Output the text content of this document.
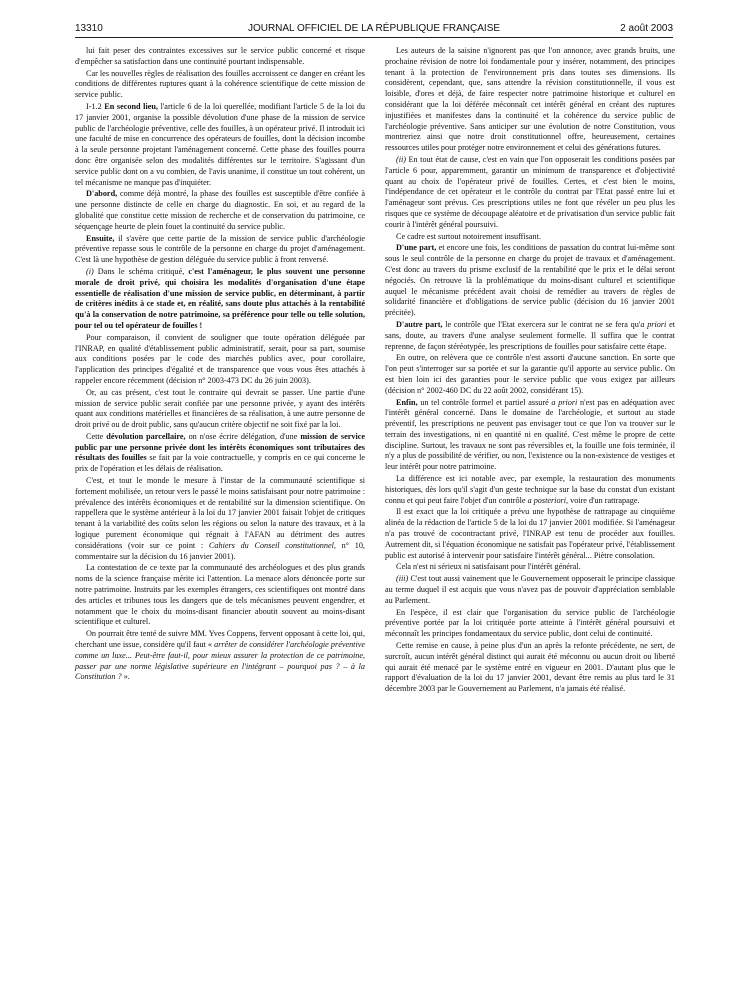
13310	JOURNAL OFFICIEL DE LA RÉPUBLIQUE FRANÇAISE	2 août 2003

lui fait peser des contraintes excessives sur le service public concerné et risque d'empêcher sa satisfaction dans une continuité pourtant indispensable.

Car les nouvelles règles de réalisation des fouilles accroissent ce danger en créant les conditions de différentes ruptures quant à la cohérence scientifique de cette mission de service public.

I-1.2 En second lieu, l'article 6 de la loi querellée, modifiant l'article 5 de la loi du 17 janvier 2001, organise la possible dévolution d'une phase de la mission de service public de l'archéologie préventive, celle des fouilles, à un opérateur privé. Il introduit ici une faculté de mise en concurrence des opérateurs de fouilles, dont la décision incombe à la seule personne projetant l'aménagement concerné. Cette phase des fouilles pourra donc être organisée selon des modalités différentes sur le territoire. S'agissant d'un service public dont on a vu combien, de l'avis unanime, il constitue un tout cohérent, un tel mécanisme ne manque pas d'inquiéter.

D'abord, comme déjà montré, la phase des fouilles est susceptible d'être confiée à une personne distincte de celle en charge du diagnostic. En soi, et au regard de la globalité que constitue cette mission de recherche et de conservation du patrimoine, ce séquençage heurte de plein fouet la continuité du service public.

Ensuite, il s'avère que cette partie de la mission de service public d'archéologie préventive repasse sous le contrôle de la personne en charge du projet d'aménagement. C'est là une hypothèse de gestion déléguée du service public à front renversé.

(i) Dans le schéma critiqué, c'est l'aménageur, le plus souvent une personne morale de droit privé, qui choisira les modalités d'organisation d'une étape essentielle de réalisation d'une mission de service public, en déterminant, à partir de critères inédits à ce stade et, en réalité, sans doute plus attachés à la rentabilité qu'à la conservation de notre patrimoine, sa préférence pour telle ou telle solution, pour tel ou tel opérateur de fouilles !

Pour comparaison, il convient de souligner que toute opération déléguée par l'INRAP, en qualité d'établissement public administratif, serait, pour sa part, soumise aux conditions posées par le code des marchés publics avec, pour corollaire, l'application des principes d'égalité et de transparence que vous vous êtes attachés à rappeler encore récemment (décision n° 2003-473 DC du 26 juin 2003).

Or, au cas présent, c'est tout le contraire qui devrait se passer. Une partie d'une mission de service public serait confiée par une personne privée, y ayant des intérêts quant aux conditions matérielles et financières de sa réalisation, à une autre personne de droit privé ou de droit public, sans qu'aucun critère objectif ne soit fixé par la loi.

Cette dévolution parcellaire, on n'ose écrire délégation, d'une mission de service public par une personne privée dont les intérêts économiques sont tributaires des résultats des fouilles se fait par la voie contractuelle, y compris en ce qui concerne le prix de l'opération et les délais de réalisation.

C'est, et tout le monde le mesure à l'instar de la communauté scientifique si fortement mobilisée, un retour vers le passé le moins satisfaisant pour notre patrimoine : prévalence des intérêts économiques et de rentabilité sur la dimension scientifique. On rappellera que le système antérieur à la loi du 17 janvier 2001 faisait l'objet de critiques tenant à la variabilité des coûts selon les régions ou selon la nature des travaux, et à la logique purement économique qui régnait à l'AFAN au détriment des autres considérations (voir sur ce point : Cahiers du Conseil constitutionnel, n° 10, commentaire sur la décision du 16 janvier 2001).

La contestation de ce texte par la communauté des archéologues et des plus grands noms de la science française mérite ici l'attention. La menace alors dénoncée porte sur notre patrimoine. Instruits par les exemples étrangers, ces scientifiques ont montré dans des articles et tribunes tous les dangers que de tels mécanismes peuvent engendrer, et notamment que le choix du moins-disant financier aboutit souvent au moins-disant scientifique et culturel.

On pourrait être tenté de suivre MM. Yves Coppens, fervent opposant à cette loi, qui, cherchant une issue, considère qu'il faut « arrêter de considérer l'archéologie préventive comme un luxe... Peut-être faut-il, pour mieux assurer la protection de ce patrimoine, passer par une norme législative supérieure en l'intégrant – pourquoi pas ? – à la Constitution ? ».

Les auteurs de la saisine n'ignorent pas que l'on annonce, avec grands bruits, une prochaine révision de notre loi fondamentale pour y insérer, notamment, des principes tenant à la protection de l'environnement pris dans toutes ses dimensions. Ils considèrent, cependant, que, sans attendre la révision constitutionnelle, il vous est loisible, d'ores et déjà, de faire respecter notre patrimoine historique et culturel en considérant que la loi déférée méconnaît cet intérêt général en créant des ruptures injustifiées et manifestes dans la continuité et la cohérence du service public de l'archéologie préventive. Sans anticiper sur une évolution de notre Constitution, vous montreriez ainsi que notre droit constitutionnel offre, heureusement, certaines ressources utiles pour protéger notre environnement et celui des générations futures.

(ii) En tout état de cause, c'est en vain que l'on opposerait les conditions posées par l'article 6 pour, apparemment, garantir un minimum de transparence et d'objectivité quant au choix de l'opérateur privé de fouilles. Certes, et c'est bien le moins, l'indépendance de cet opérateur et le contrôle du contrat par l'Etat passé entre lui et l'aménageur sont prévus. Ces prescriptions utiles ne font que révéler un peu plus les risques que ce système de découpage aléatoire et de privatisation d'un service public fait courir à l'intérêt général poursuivi.

Ce cadre est surtout notoirement insuffisant.

D'une part, et encore une fois, les conditions de passation du contrat lui-même sont sous le seul contrôle de la personne en charge du projet de travaux et d'aménagement. C'est donc au travers du prisme exclusif de la rentabilité que le prix et le délai seront négociés. On retrouve là la problématique du moins-disant culturel et scientifique auquel le mécanisme précédent avait choisi de remédier au travers de règles de solidarité financière et d'obligations de service public (décision du 16 janvier 2001 précitée).

D'autre part, le contrôle que l'Etat exercera sur le contrat ne se fera qu'a priori et sans, doute, au travers d'une analyse seulement formelle. Il suffira que le contrat reprenne, de façon stéréotypée, les prescriptions de fouilles pour satisfaire cette étape.

En outre, on relèvera que ce contrôle n'est assorti d'aucune sanction. En sorte que l'on peut s'interroger sur sa portée et sur la garantie qu'il apporte au service public. On est bien loin ici des garanties pour le service public que vous exigez par ailleurs (décision n° 2002-460 DC du 22 août 2002, considérant 15).

Enfin, un tel contrôle formel et partiel assuré a priori n'est pas en adéquation avec l'intérêt général concerné. Dans le domaine de l'archéologie, et surtout au stade préventif, les prescriptions ne peuvent pas envisager tout ce que l'on va trouver sur le terrain des investigations, ni en quantité ni en qualité. C'est même le propre de cette discipline. Surtout, les travaux ne sont pas réversibles et, la fouille une fois terminée, il n'y a plus de possibilité de vérifier, ou non, l'existence ou la non-existence de vestiges et leur intérêt pour notre patrimoine.

La différence est ici notable avec, par exemple, la restauration des monuments historiques, dès lors qu'il s'agit d'un geste technique sur la base du constat d'un existant connu et qui peut faire l'objet d'un contrôle a posteriori, voire d'un rattrapage.

Il est exact que la loi critiquée a prévu une hypothèse de rattrapage au cinquième alinéa de la rédaction de l'article 5 de la loi du 17 janvier 2001 modifiée. Si l'aménageur n'a pas trouvé de cocontractant privé, l'INRAP est tenu de procéder aux fouilles. Autrement dit, si l'équation économique ne satisfait pas l'opérateur privé, l'établissement public est autorisé à intervenir pour satisfaire l'intérêt général... Piètre consolation.

Cela n'est ni sérieux ni satisfaisant pour l'intérêt général.

(iii) C'est tout aussi vainement que le Gouvernement opposerait le principe classique au terme duquel il est acquis que vous n'avez pas de pouvoir d'appréciation semblable au Parlement.

En l'espèce, il est clair que l'organisation du service public de l'archéologie préventive portée par la loi critiquée porte atteinte à l'intérêt général poursuivi et méconnaît les principes fondamentaux du service public, dont celui de continuité.

Cette remise en cause, à peine plus d'un an après la refonte précédente, ne sert, de surcroît, aucun intérêt général distinct qui aurait été méconnu ou aucun droit ou liberté qui aurait été menacé par le système entré en vigueur en 2001. D'autant plus que le rapport d'évaluation de la loi du 17 janvier 2001, devant être remis au plus tard le 31 décembre 2003 par le Gouvernement au Parlement, n'a jamais été réalisé.
